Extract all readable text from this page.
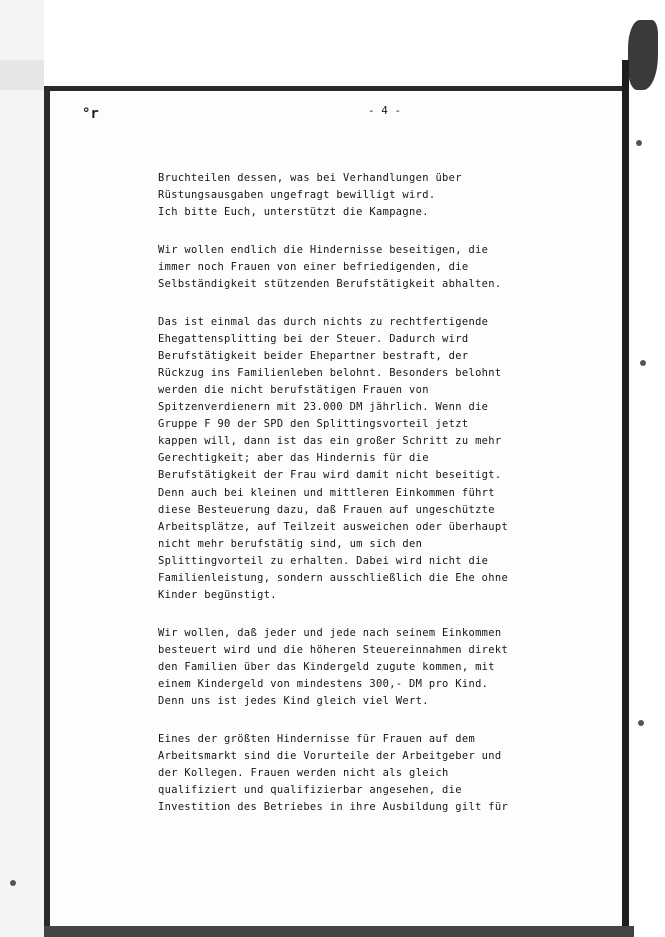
°r	- 4 -
Bruchteilen dessen, was bei Verhandlungen über
Rüstungsausgaben ungefragt bewilligt wird.
Ich bitte Euch, unterstützt die Kampagne.
Wir wollen endlich die Hindernisse beseitigen, die
immer noch Frauen von einer befriedigenden, die
Selbständigkeit stützenden Berufstätigkeit abhalten.
Das ist einmal das durch nichts zu rechtfertigende
Ehegattensplitting bei der Steuer. Dadurch wird
Berufstätigkeit beider Ehepartner bestraft, der
Rückzug ins Familienleben belohnt. Besonders belohnt
werden die nicht berufstätigen Frauen von
Spitzenverdienern mit 23.000 DM jährlich. Wenn die
Gruppe F 90 der SPD den Splittingsvorteil jetzt
kappen will, dann ist das ein großer Schritt zu mehr
Gerechtigkeit; aber das Hindernis für die
Berufstätigkeit der Frau wird damit nicht beseitigt.
Denn auch bei kleinen und mittleren Einkommen führt
diese Besteuerung dazu, daß Frauen auf ungeschützte
Arbeitsplätze, auf Teilzeit ausweichen oder überhaupt
nicht mehr berufstätig sind, um sich den
Splittingvorteil zu erhalten. Dabei wird nicht die
Familienleistung, sondern ausschließlich die Ehe ohne
Kinder begünstigt.
Wir wollen, daß jeder und jede nach seinem Einkommen
besteuert wird und die höheren Steuereinnahmen direkt
den Familien über das Kindergeld zugute kommen, mit
einem Kindergeld von mindestens 300,- DM pro Kind.
Denn uns ist jedes Kind gleich viel Wert.
Eines der größten Hindernisse für Frauen auf dem
Arbeitsmarkt sind die Vorurteile der Arbeitgeber und
der Kollegen. Frauen werden nicht als gleich
qualifiziert und qualifizierbar angesehen, die
Investition des Betriebes in ihre Ausbildung gilt für
